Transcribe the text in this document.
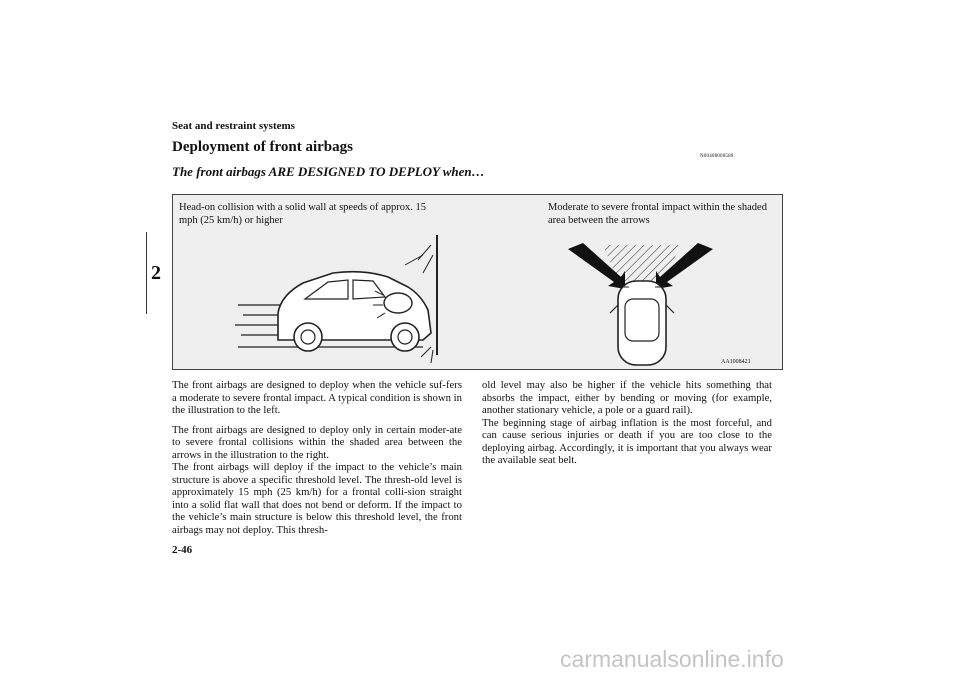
Seat and restraint systems
2
Deployment of front airbags
N00408000589
The front airbags ARE DESIGNED TO DEPLOY when…
Head-on collision with a solid wall at speeds of approx. 15 mph (25 km/h) or higher
Moderate to severe frontal impact within the shaded area between the arrows
AA1008421

The front airbags are designed to deploy when the vehicle suf-fers a moderate to severe frontal impact. A typical condition is shown in the illustration to the left.

The front airbags are designed to deploy only in certain moder-ate to severe frontal collisions within the shaded area between the arrows in the illustration to the right.

The front airbags will deploy if the impact to the vehicle’s main structure is above a specific threshold level. The thresh-old level is approximately 15 mph (25 km/h) for a frontal colli-sion straight into a solid flat wall that does not bend or deform. If the impact to the vehicle’s main structure is below this threshold level, the front airbags may not deploy. This thresh-

old level may also be higher if the vehicle hits something that absorbs the impact, either by bending or moving (for example, another stationary vehicle, a pole or a guard rail).

The beginning stage of airbag inflation is the most forceful, and can cause serious injuries or death if you are too close to the deploying airbag. Accordingly, it is important that you always wear the available seat belt.

2-46
carmanualsonline.info
